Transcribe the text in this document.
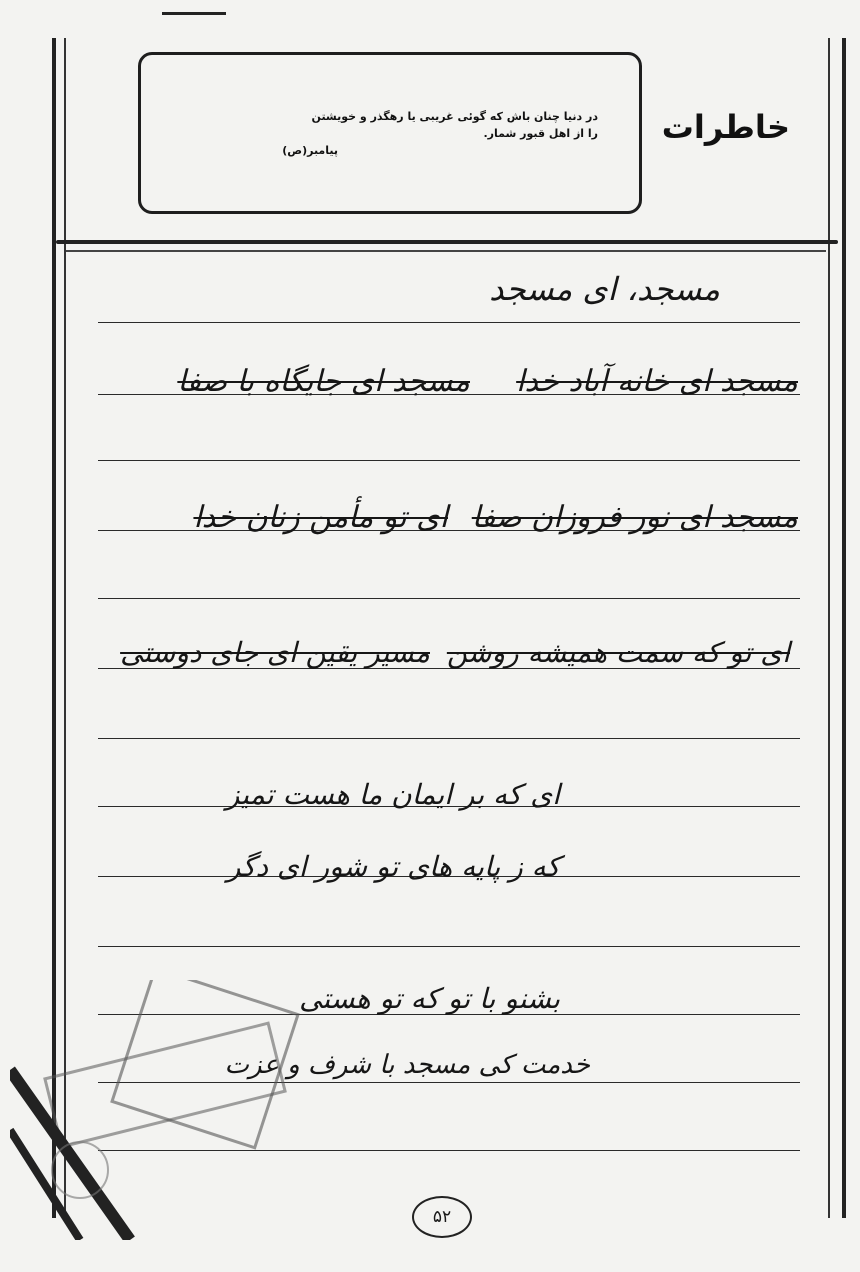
خاطرات
در دنیا چنان باش که گوئی غریبی یا رهگذر و خویشتن
را از اهل قبور شمار.
پیامبر(ص)
مسجد، ای مسجد
مسجد ای خانه آباد خدا
مسجد ای جایگاه با صفا
مسجد ای نور فروزان صفا
ای تو مأمن زنان خدا
ای تو که سمت همیشه روشن
مسیر یقین ای جای دوستی
ای که بر ایمان ما هست تمیز
که ز پایه های تو شور ای دگر
بشنو با تو که تو هستی
خدمت کی مسجد با شرف و عزت
۵۲
